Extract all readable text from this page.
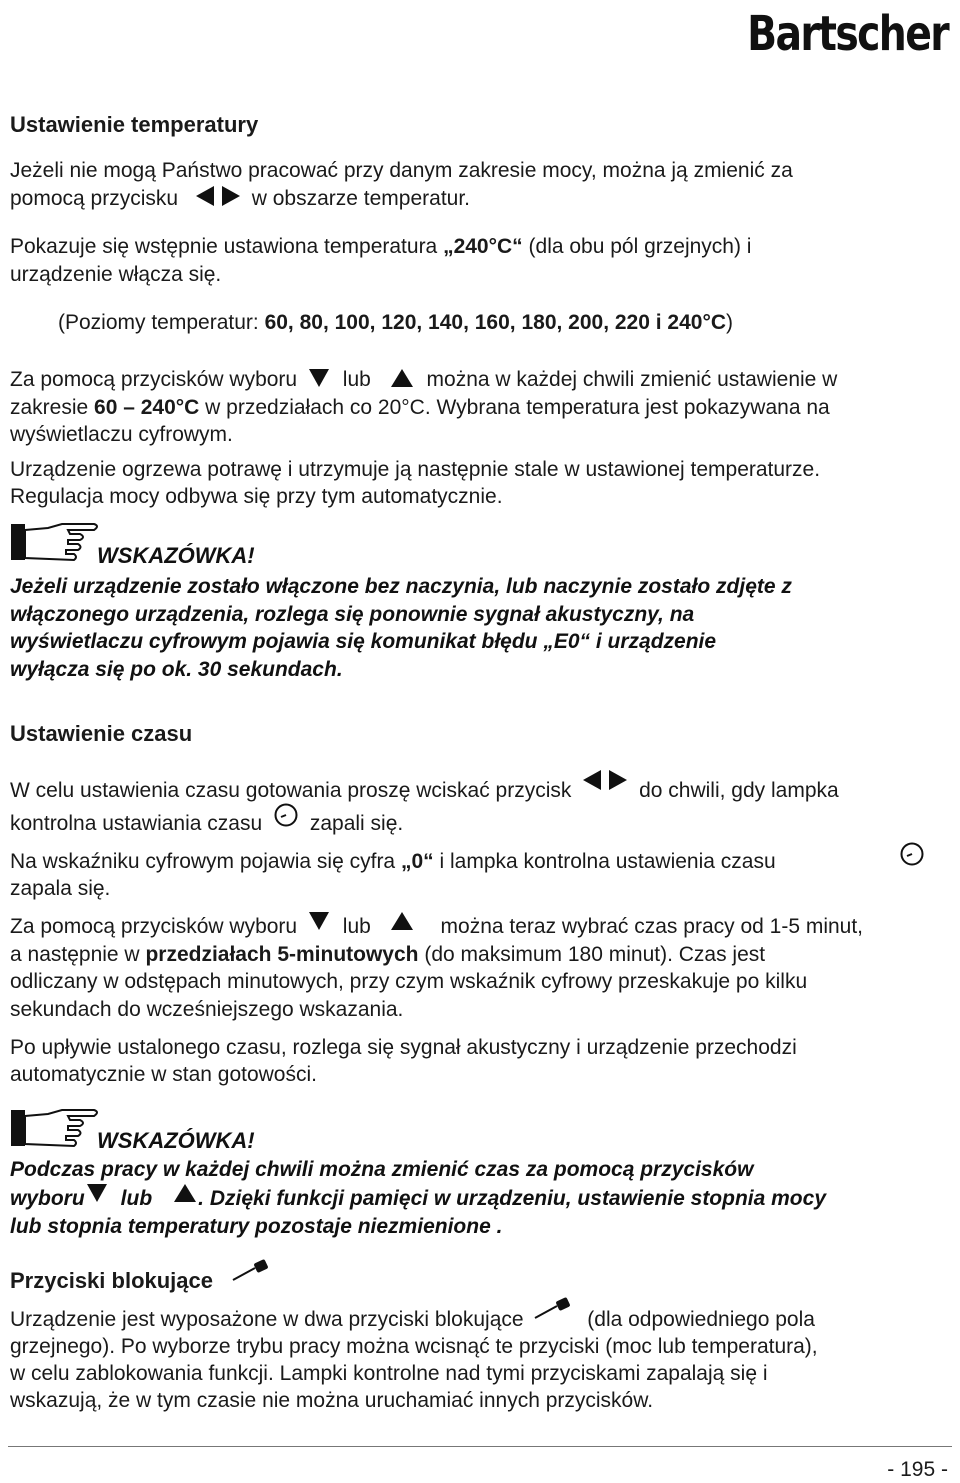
Bartscher
Ustawienie temperatury
Jeżeli nie mogą Państwo pracować przy danym zakresie mocy, można ją zmienić za
pomocą przycisku	w obszarze temperatur.
Pokazuje się wstępnie ustawiona temperatura „240°C“ (dla obu pól grzejnych) i
urządzenie włącza się.
(Poziomy temperatur: 60, 80, 100, 120, 140, 160, 180, 200, 220 i 240°C)
Za pomocą przycisków wyboru lub	można w każdej chwili zmienić ustawienie w
zakresie 60 – 240°C w przedziałach co 20°C. Wybrana temperatura jest pokazywana na
wyświetlaczu cyfrowym.
Urządzenie ogrzewa potrawę i utrzymuje ją następnie stale w ustawionej temperaturze.
Regulacja mocy odbywa się przy tym automatycznie.
WSKAZÓWKA!
Jeżeli urządzenie zostało włączone bez naczynia, lub naczynie zostało zdjęte z
włączonego urządzenia, rozlega się ponownie sygnał akustyczny, na
wyświetlaczu cyfrowym pojawia się komunikat błędu „E0“ i urządzenie
wyłącza się po ok. 30 sekundach.
Ustawienie czasu
W celu ustawienia czasu gotowania proszę wciskać przycisk	do chwili, gdy lampka
kontrolna ustawiania czasu zapali się.
Na wskaźniku cyfrowym pojawia się cyfra „0“ i lampka kontrolna ustawienia czasu
zapala się.
Za pomocą przycisków wyboru lub	można teraz wybrać czas pracy od 1-5 minut,
a następnie w przedziałach 5-minutowych (do maksimum 180 minut). Czas jest
odliczany w odstępach minutowych, przy czym wskaźnik cyfrowy przeskakuje po kilku
sekundach do wcześniejszego wskazania.
Po upływie ustalonego czasu, rozlega się sygnał akustyczny i urządzenie przechodzi
automatycznie w stan gotowości.
WSKAZÓWKA!
Podczas pracy w każdej chwili można zmienić czas za pomocą przycisków
wyboru lub . Dzięki funkcji pamięci w urządzeniu, ustawienie stopnia mocy
lub stopnia temperatury pozostaje niezmienione .
Przyciski blokujące
Urządzenie jest wyposażone w dwa przyciski blokujące	(dla odpowiedniego pola
grzejnego). Po wyborze trybu pracy można wcisnąć te przyciski (moc lub temperatura),
w celu zablokowania funkcji. Lampki kontrolne nad tymi przyciskami zapalają się i
wskazują, że w tym czasie nie można uruchamiać innych przycisków.
- 195 -
